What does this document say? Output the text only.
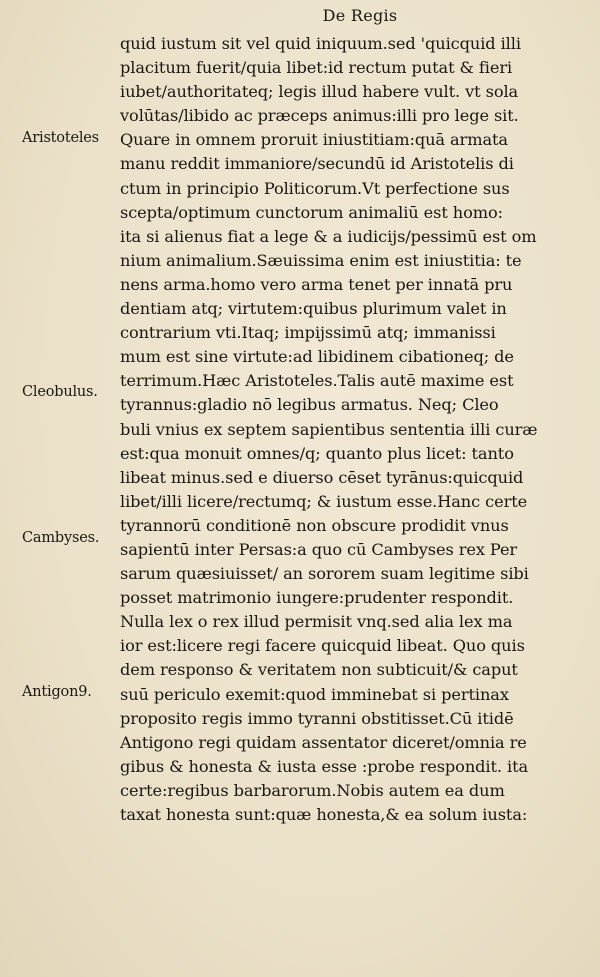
De Regis
Aristoteles
Cleobulus.
Cambyses.
Antigon9.
quid iustum sit vel quid iniquum.sed 'quicquid illi
placitum fuerit/quia libet:id rectum putat & fieri
iubet/authoritateq; legis illud habere vult. vt sola
volūtas/libido ac præceps animus:illi pro lege sit.
Quare in omnem proruit iniustitiam:quā armata
manu reddit immaniore/secundū id Aristotelis di
ctum in principio Politicorum.Vt perfectione sus
scepta/optimum cunctorum animaliū est homo:
ita si alienus fiat a lege & a iudicijs/pessimū est om
nium animalium.Sæuissima enim est iniustitia: te
nens arma.homo vero arma tenet per innatā pru
dentiam atq; virtutem:quibus plurimum valet in
contrarium vti.Itaq; impijssimū atq; immanissi
mum est sine virtute:ad libidinem cibationeq; de
terrimum.Hæc Aristoteles.Talis autē maxime est
tyrannus:gladio nō legibus armatus. Neq; Cleo
buli vnius ex septem sapientibus sententia illi curæ
est:qua monuit omnes/q; quanto plus licet: tanto
libeat minus.sed e diuerso cēset tyrānus:quicquid
libet/illi licere/rectumq; & iustum esse.Hanc certe
tyrannorū conditionē non obscure prodidit vnus
sapientū inter Persas:a quo cū Cambyses rex Per
sarum quæsiuisset/ an sororem suam legitime sibi
posset matrimonio iungere:prudenter respondit.
Nulla lex o rex illud permisit vnq.sed alia lex ma
ior est:licere regi facere quicquid libeat. Quo quis
dem responso & veritatem non subticuit/& caput
suū periculo exemit:quod imminebat si pertinax
proposito regis immo tyranni obstitisset.Cū itidē
Antigono regi quidam assentator diceret/omnia re
gibus & honesta & iusta esse :probe respondit. ita
certe:regibus barbarorum.Nobis autem ea dum
taxat honesta sunt:quæ honesta,& ea solum iusta:
